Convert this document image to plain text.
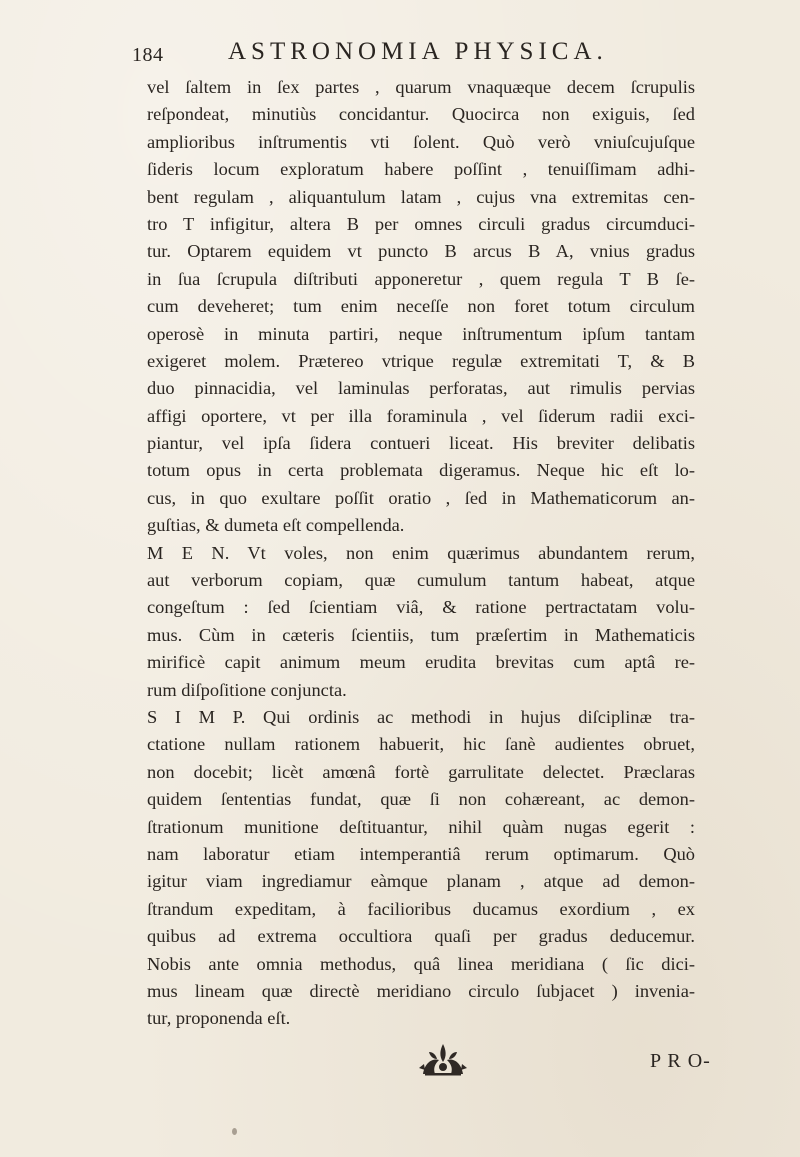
184	ASTRONOMIA PHYSICA.
vel ſaltem in ſex partes , quarum vnaquæque decem ſcrupulis
reſpondeat, minutiùs concidantur. Quocirca non exiguis, ſed
amplioribus inſtrumentis vti ſolent. Quò verò vniuſcujuſque
ſideris locum exploratum habere poſſint , tenuiſſimam adhi-
bent regulam , aliquantulum latam , cujus vna extremitas cen-
tro T infigitur, altera B per omnes circuli gradus circumduci-
tur. Optarem equidem vt puncto B arcus B A, vnius gradus
in ſua ſcrupula diſtributi apponeretur , quem regula T B ſe-
cum deveheret; tum enim neceſſe non foret totum circulum
operosè in minuta partiri, neque inſtrumentum ipſum tantam
exigeret molem. Prætereo vtrique regulæ extremitati T, & B
duo pinnacidia, vel laminulas perforatas, aut rimulis pervias
affigi oportere, vt per illa foraminula , vel ſiderum radii exci-
piantur, vel ipſa ſidera contueri liceat. His breviter delibatis
totum opus in certa problemata digeramus. Neque hic eſt lo-
cus, in quo exultare poſſit oratio , ſed in Mathematicorum an-
guſtias, & dumeta eſt compellenda.
M E N. Vt voles, non enim quærimus abundantem rerum,
aut verborum copiam, quæ cumulum tantum habeat, atque
congeſtum : ſed ſcientiam viâ, & ratione pertractatam volu-
mus. Cùm in cæteris ſcientiis, tum præſertim in Mathematicis
mirificè capit animum meum erudita brevitas cum aptâ re-
rum diſpoſitione conjuncta.
S I M P. Qui ordinis ac methodi in hujus diſciplinæ tra-
ctatione nullam rationem habuerit, hic ſanè audientes obruet,
non docebit; licèt amœnâ fortè garrulitate delectet. Præclaras
quidem ſententias fundat, quæ ſi non cohæreant, ac demon-
ſtrationum munitione deſtituantur, nihil quàm nugas egerit :
nam laboratur etiam intemperantiâ rerum optimarum. Quò
igitur viam ingrediamur eàmque planam , atque ad demon-
ſtrandum expeditam, à facilioribus ducamus exordium , ex
quibus ad extrema occultiora quaſi per gradus deducemur.
Nobis ante omnia methodus, quâ linea meridiana ( ſic dici-
mus lineam quæ directè meridiano circulo ſubjacet ) invenia-
tur, proponenda eſt.
P R O-
